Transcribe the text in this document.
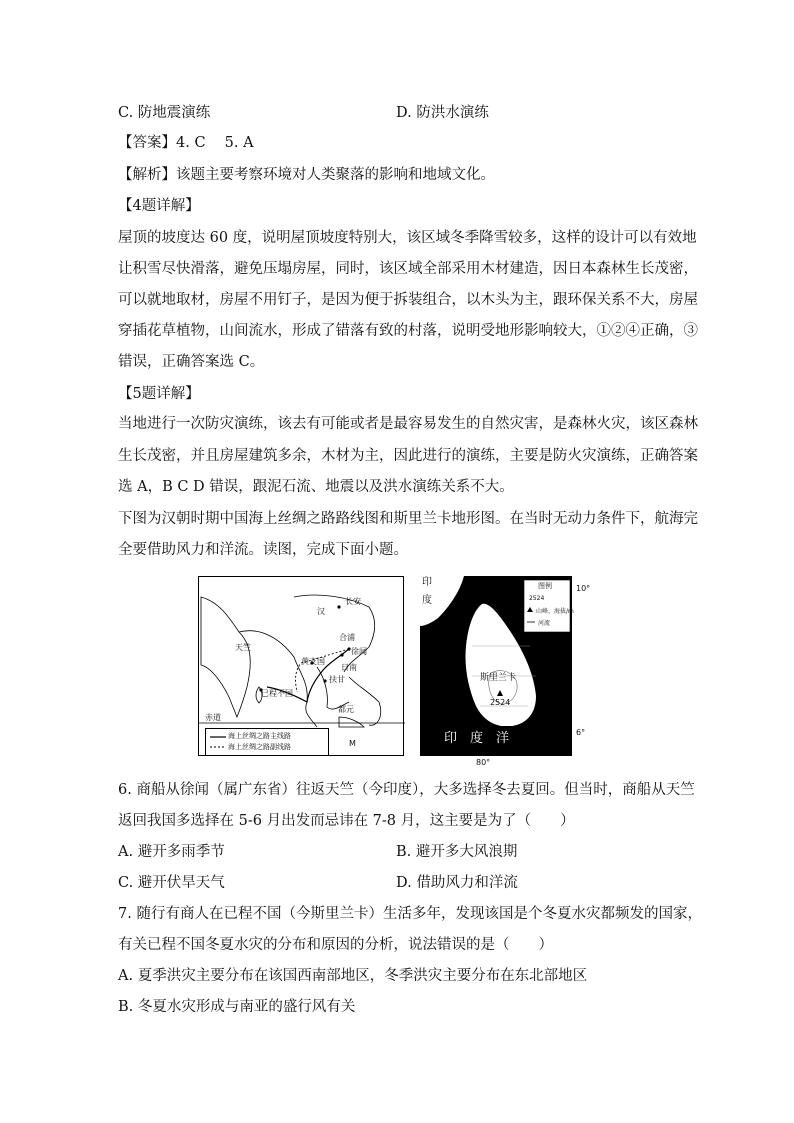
C. 防地震演练	D. 防洪水演练
【答案】4. C　 5. A
【解析】该题主要考察环境对人类聚落的影响和地域文化。
【4题详解】
屋顶的坡度达 60 度，说明屋顶坡度特别大，该区域冬季降雪较多，这样的设计可以有效地
让积雪尽快滑落，避免压塌房屋，同时，该区域全部采用木材建造，因日本森林生长茂密，
可以就地取材，房屋不用钉子，是因为便于拆装组合，以木头为主，跟环保关系不大，房屋
穿插花草植物，山间流水，形成了错落有致的村落，说明受地形影响较大，①②④正确，③
错误，正确答案选 C。
【5题详解】
当地进行一次防灾演练，该去有可能或者是最容易发生的自然灾害，是森林火灾，该区森林
生长茂密，并且房屋建筑多余，木材为主，因此进行的演练，主要是防火灾演练，正确答案
选 A，B C D 错误，跟泥石流、地震以及洪水演练关系不大。
下图为汉朝时期中国海上丝绸之路路线图和斯里兰卡地形图。在当时无动力条件下，航海完
全要借助风力和洋流。读图，完成下面小题。
汉
长安
天竺
合浦
徐闻
日南
已程不国
都元
扶甘
黄支国
赤道
M
海上丝绸之路主线路
海上丝绸之路副线路
印
度
斯里兰卡
2524
印　度　洋
图例
2524
山峰、海拔/m
河流
10°
6°
80°
6. 商船从徐闻（属广东省）往返天竺（今印度），大多选择冬去夏回。但当时，商船从天竺
返回我国多选择在 5-6 月出发而忌讳在 7-8 月，这主要是为了（　　）
A. 避开多雨季节	B. 避开多大风浪期
C. 避开伏旱天气	D. 借助风力和洋流
7. 随行有商人在已程不国（今斯里兰卡）生活多年，发现该国是个冬夏水灾都频发的国家，
有关已程不国冬夏水灾的分布和原因的分析，说法错误的是（　　）
A. 夏季洪灾主要分布在该国西南部地区，冬季洪灾主要分布在东北部地区
B. 冬夏水灾形成与南亚的盛行风有关
